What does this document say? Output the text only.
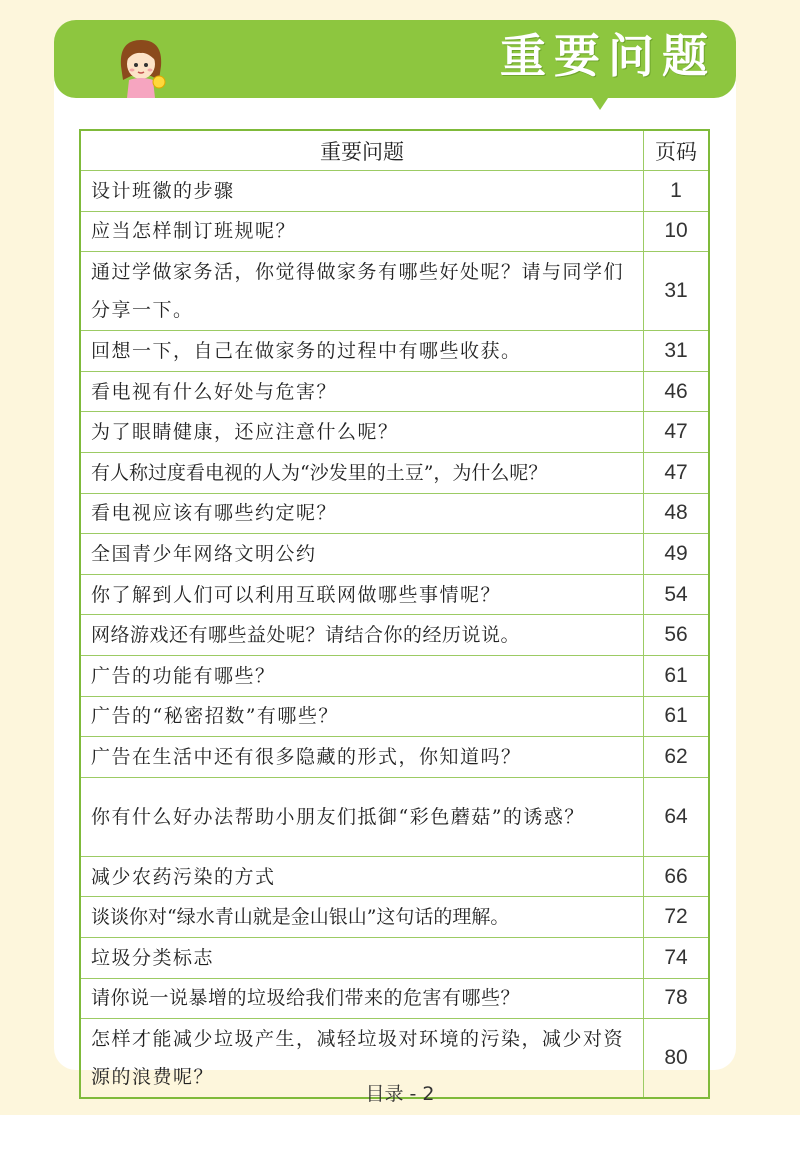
重要问题
重要问题	页码
设计班徽的步骤	1
应当怎样制订班规呢？	10
通过学做家务活，你觉得做家务有哪些好处呢？请与同学们分享一下。	31
回想一下，自己在做家务的过程中有哪些收获。	31
看电视有什么好处与危害？	46
为了眼睛健康，还应注意什么呢？	47
有人称过度看电视的人为“沙发里的土豆”，为什么呢？	47
看电视应该有哪些约定呢？	48
全国青少年网络文明公约	49
你了解到人们可以利用互联网做哪些事情呢？	54
网络游戏还有哪些益处呢？请结合你的经历说说。	56
广告的功能有哪些？	61
广告的“秘密招数”有哪些？	61
广告在生活中还有很多隐藏的形式，你知道吗？	62
你有什么好办法帮助小朋友们抵御“彩色蘑菇”的诱惑？	64
减少农药污染的方式	66
谈谈你对“绿水青山就是金山银山”这句话的理解。	72
垃圾分类标志	74
请你说一说暴增的垃圾给我们带来的危害有哪些？	78
怎样才能减少垃圾产生，减轻垃圾对环境的污染，减少对资源的浪费呢？	80
目录 - 2
